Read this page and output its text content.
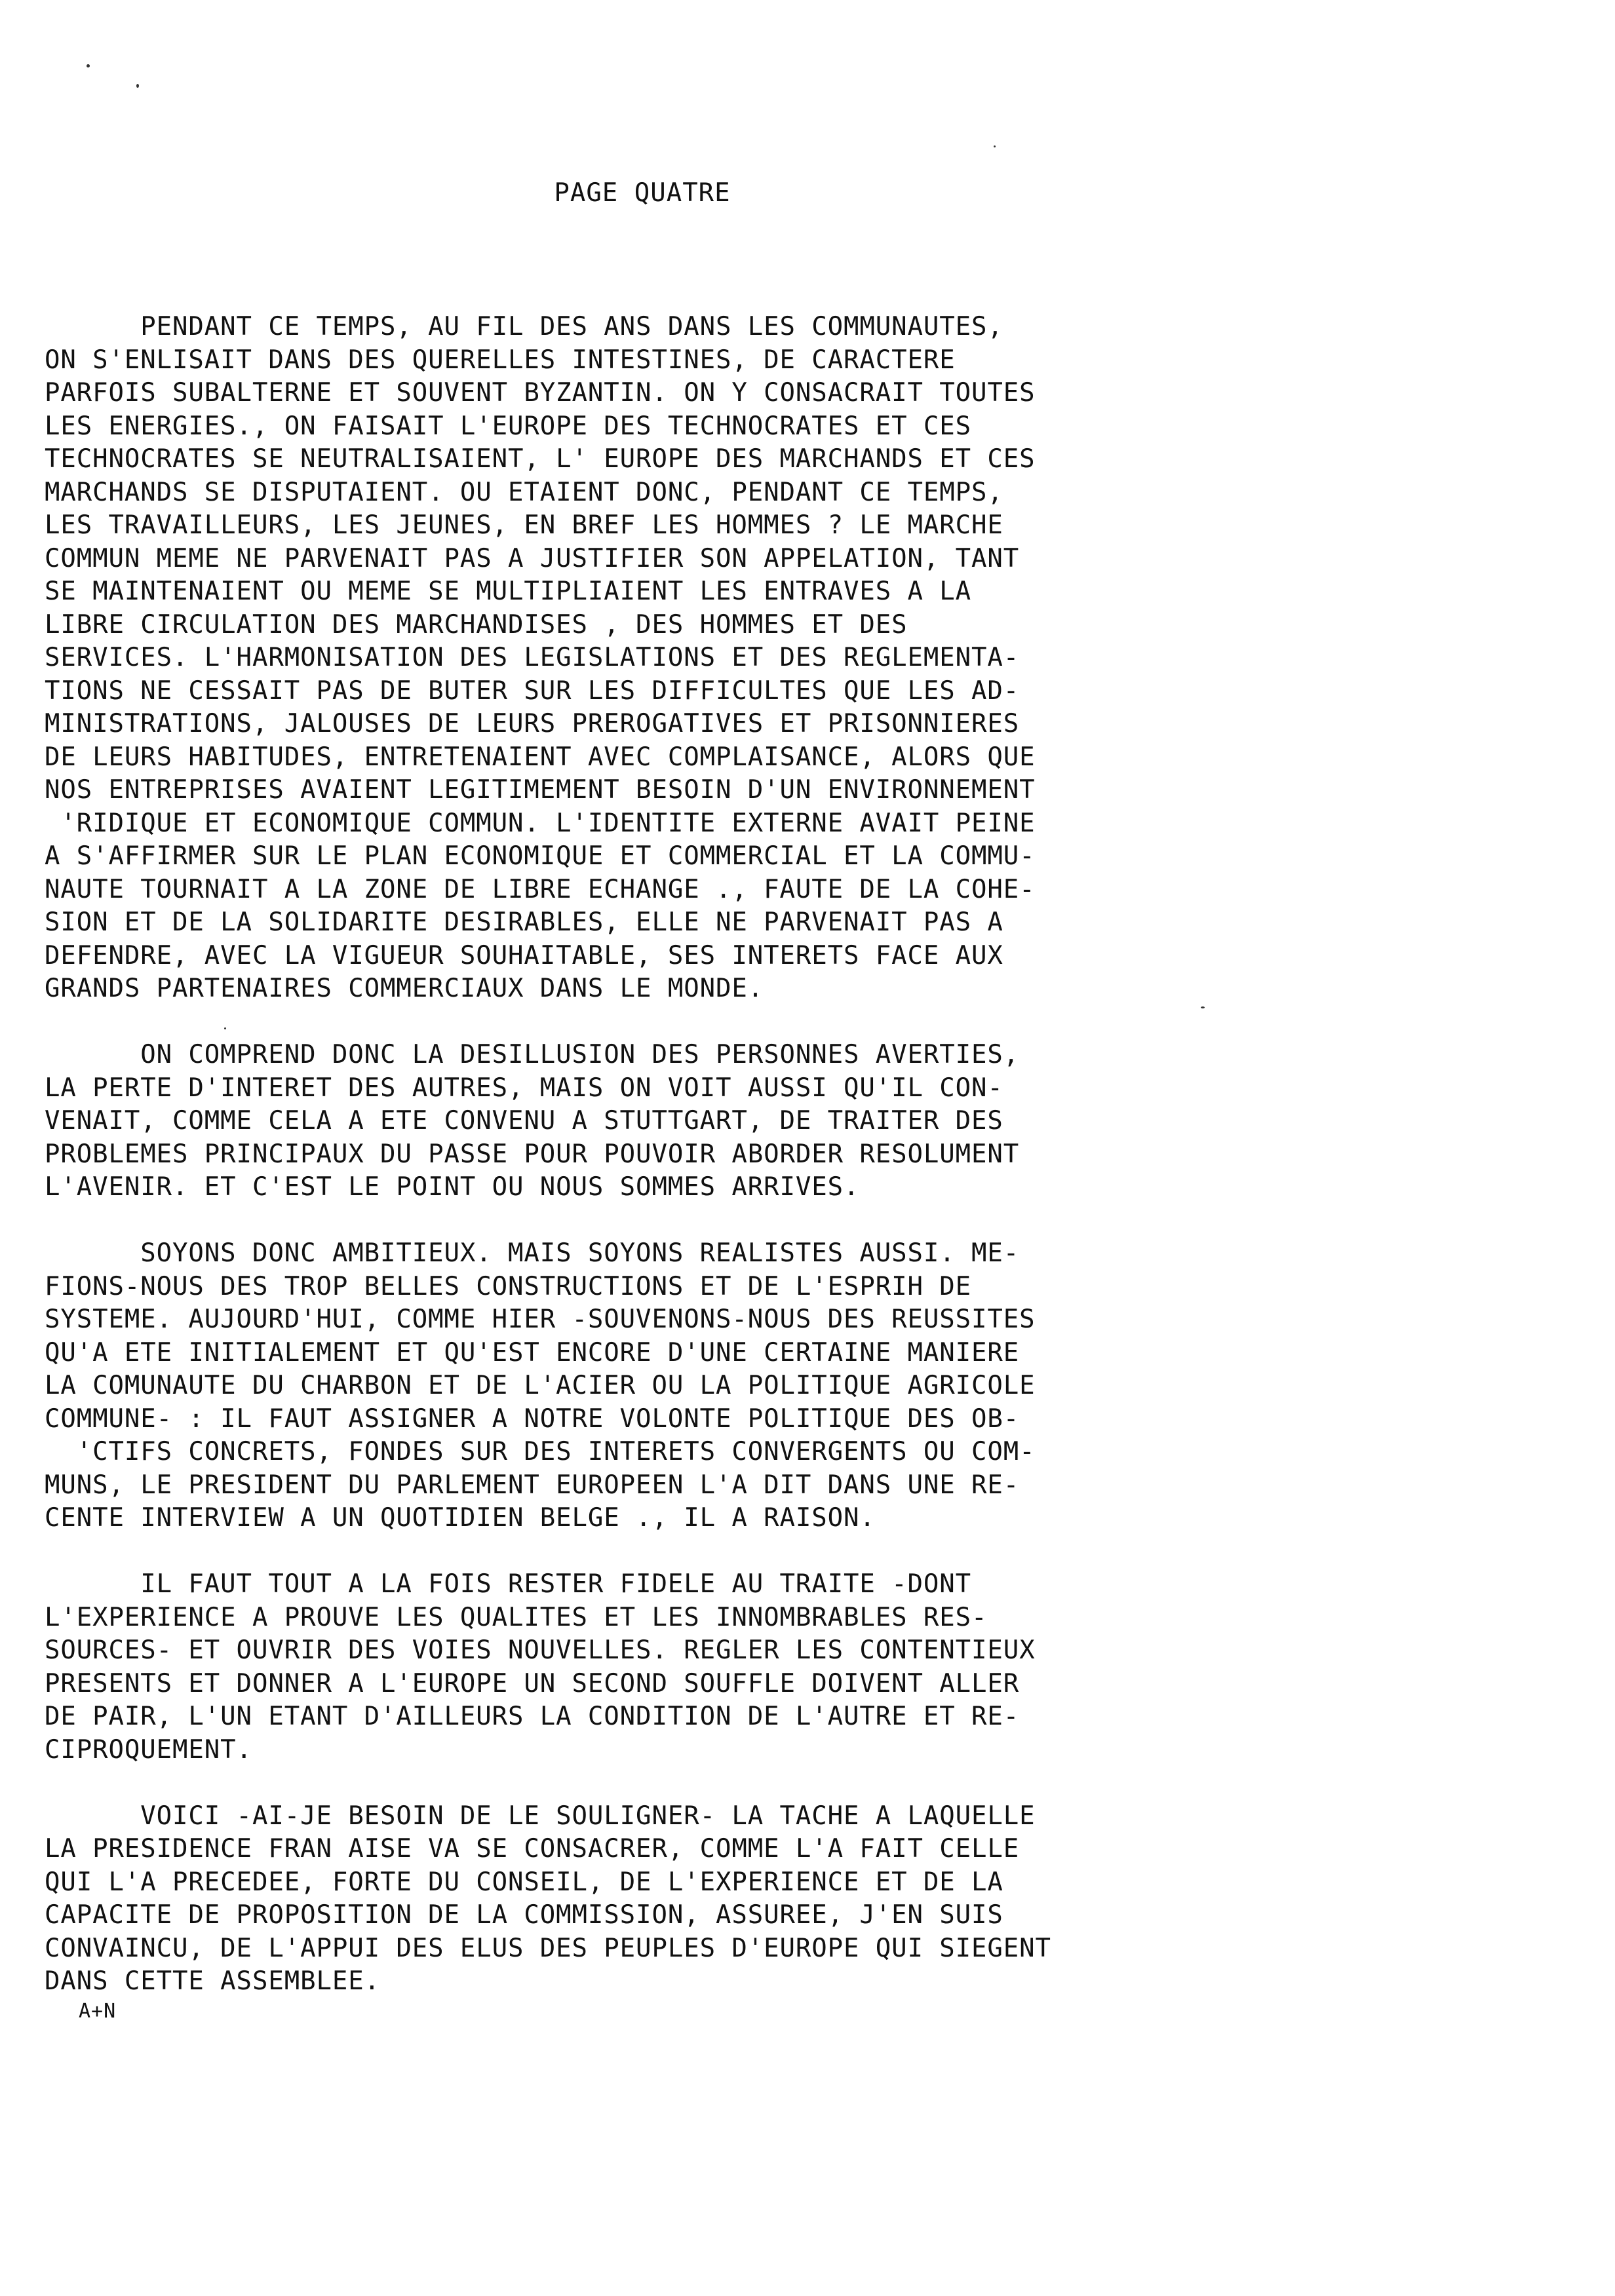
PAGE QUATRE

PENDANT CE TEMPS, AU FIL DES ANS DANS LES COMMUNAUTES,
ON S'ENLISAIT DANS DES QUERELLES INTESTINES, DE CARACTERE
PARFOIS SUBALTERNE ET SOUVENT BYZANTIN. ON Y CONSACRAIT TOUTES
LES ENERGIES., ON FAISAIT L'EUROPE DES TECHNOCRATES ET CES
TECHNOCRATES SE NEUTRALISAIENT, L' EUROPE DES MARCHANDS ET CES
MARCHANDS SE DISPUTAIENT. OU ETAIENT DONC, PENDANT CE TEMPS,
LES TRAVAILLEURS, LES JEUNES, EN BREF LES HOMMES ? LE MARCHE
COMMUN MEME NE PARVENAIT PAS A JUSTIFIER SON APPELATION, TANT
SE MAINTENAIENT OU MEME SE MULTIPLIAIENT LES ENTRAVES A LA
LIBRE CIRCULATION DES MARCHANDISES , DES HOMMES ET DES
SERVICES. L'HARMONISATION DES LEGISLATIONS ET DES REGLEMENTA-
TIONS NE CESSAIT PAS DE BUTER SUR LES DIFFICULTES QUE LES AD-
MINISTRATIONS, JALOUSES DE LEURS PREROGATIVES ET PRISONNIERES
DE LEURS HABITUDES, ENTRETENAIENT AVEC COMPLAISANCE, ALORS QUE
NOS ENTREPRISES AVAIENT LEGITIMEMENT BESOIN D'UN ENVIRONNEMENT
'RIDIQUE ET ECONOMIQUE COMMUN. L'IDENTITE EXTERNE AVAIT PEINE
A S'AFFIRMER SUR LE PLAN ECONOMIQUE ET COMMERCIAL ET LA COMMU-
NAUTE TOURNAIT A LA ZONE DE LIBRE ECHANGE ., FAUTE DE LA COHE-
SION ET DE LA SOLIDARITE DESIRABLES, ELLE NE PARVENAIT PAS A
DEFENDRE, AVEC LA VIGUEUR SOUHAITABLE, SES INTERETS FACE AUX
GRANDS PARTENAIRES COMMERCIAUX DANS LE MONDE.

ON COMPREND DONC LA DESILLUSION DES PERSONNES AVERTIES,
LA PERTE D'INTERET DES AUTRES, MAIS ON VOIT AUSSI QU'IL CON-
VENAIT, COMME CELA A ETE CONVENU A STUTTGART, DE TRAITER DES
PROBLEMES PRINCIPAUX DU PASSE POUR POUVOIR ABORDER RESOLUMENT
L'AVENIR. ET C'EST LE POINT OU NOUS SOMMES ARRIVES.

SOYONS DONC AMBITIEUX. MAIS SOYONS REALISTES AUSSI. ME-
FIONS-NOUS DES TROP BELLES CONSTRUCTIONS ET DE L'ESPRIH DE
SYSTEME. AUJOURD'HUI, COMME HIER -SOUVENONS-NOUS DES REUSSITES
QU'A ETE INITIALEMENT ET QU'EST ENCORE D'UNE CERTAINE MANIERE
LA COMUNAUTE DU CHARBON ET DE L'ACIER OU LA POLITIQUE AGRICOLE
COMMUNE- : IL FAUT ASSIGNER A NOTRE VOLONTE POLITIQUE DES OB-
'CTIFS CONCRETS, FONDES SUR DES INTERETS CONVERGENTS OU COM-
MUNS, LE PRESIDENT DU PARLEMENT EUROPEEN L'A DIT DANS UNE RE-
CENTE INTERVIEW A UN QUOTIDIEN BELGE ., IL A RAISON.

IL FAUT TOUT A LA FOIS RESTER FIDELE AU TRAITE -DONT
L'EXPERIENCE A PROUVE LES QUALITES ET LES INNOMBRABLES RES-
SOURCES- ET OUVRIR DES VOIES NOUVELLES. REGLER LES CONTENTIEUX
PRESENTS ET DONNER A L'EUROPE UN SECOND SOUFFLE DOIVENT ALLER
DE PAIR, L'UN ETANT D'AILLEURS LA CONDITION DE L'AUTRE ET RE-
CIPROQUEMENT.

VOICI -AI-JE BESOIN DE LE SOULIGNER- LA TACHE A LAQUELLE
LA PRESIDENCE FRAN AISE VA SE CONSACRER, COMME L'A FAIT CELLE
QUI L'A PRECEDEE, FORTE DU CONSEIL, DE L'EXPERIENCE ET DE LA
CAPACITE DE PROPOSITION DE LA COMMISSION, ASSUREE, J'EN SUIS
CONVAINCU, DE L'APPUI DES ELUS DES PEUPLES D'EUROPE QUI SIEGENT
DANS CETTE ASSEMBLEE.

A+N
